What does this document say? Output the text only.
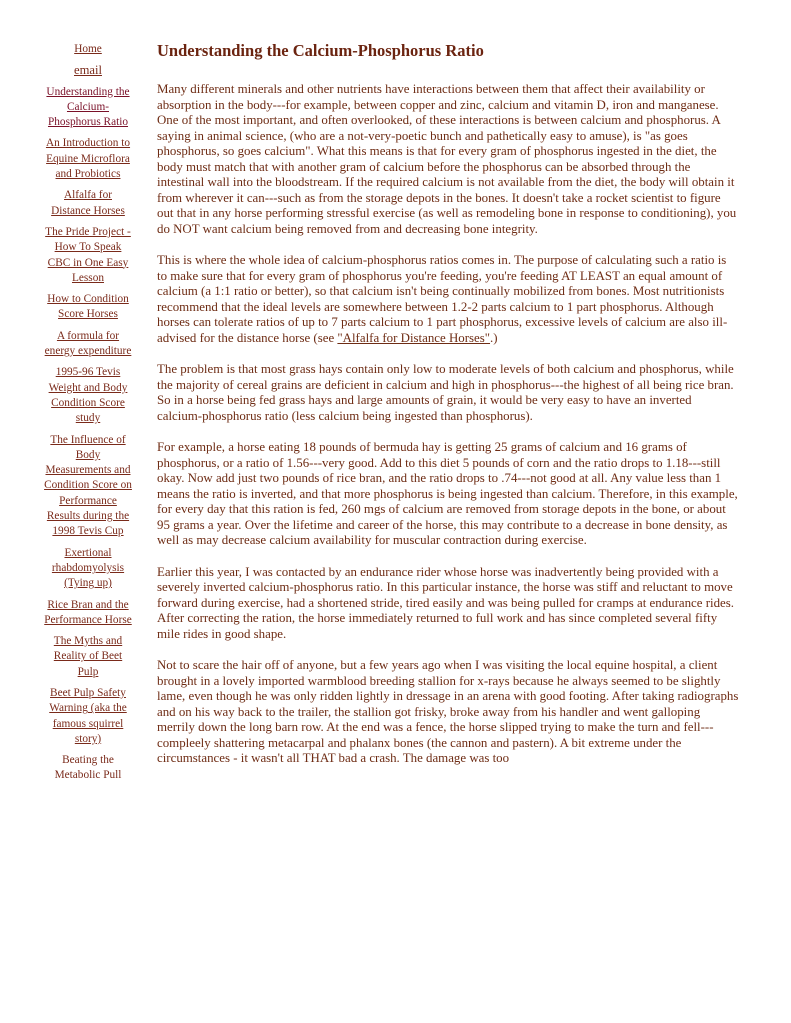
Home
email
Understanding the Calcium-Phosphorus Ratio
An Introduction to Equine Microflora and Probiotics
Alfalfa for Distance Horses
The Pride Project - How To Speak CBC in One Easy Lesson
How to Condition Score Horses
A formula for energy expenditure
1995-96 Tevis Weight and Body Condition Score study
The Influence of Body Measurements and Condition Score on Performance Results during the 1998 Tevis Cup
Exertional rhabdomyolysis (Tying up)
Rice Bran and the Performance Horse
The Myths and Reality of Beet Pulp
Beet Pulp Safety Warning (aka the famous squirrel story)
Beating the Metabolic Pull
Understanding the Calcium-Phosphorus Ratio

Many different minerals and other nutrients have interactions between them that affect their availability or absorption in the body---for example, between copper and zinc, calcium and vitamin D, iron and manganese. One of the most important, and often overlooked, of these interactions is between calcium and phosphorus. A saying in animal science, (who are a not-very-poetic bunch and pathetically easy to amuse), is "as goes phosphorus, so goes calcium". What this means is that for every gram of phosphorus ingested in the diet, the body must match that with another gram of calcium before the phosphorus can be absorbed through the intestinal wall into the bloodstream. If the required calcium is not available from the diet, the body will obtain it from wherever it can---such as from the storage depots in the bones. It doesn't take a rocket scientist to figure out that in any horse performing stressful exercise (as well as remodeling bone in response to conditioning), you do NOT want calcium being removed from and decreasing bone integrity.

This is where the whole idea of calcium-phosphorus ratios comes in. The purpose of calculating such a ratio is to make sure that for every gram of phosphorus you're feeding, you're feeding AT LEAST an equal amount of calcium (a 1:1 ratio or better), so that calcium isn't being continually mobilized from bones. Most nutritionists recommend that the ideal levels are somewhere between 1.2-2 parts calcium to 1 part phosphorus. Although horses can tolerate ratios of up to 7 parts calcium to 1 part phosphorus, excessive levels of calcium are also ill-advised for the distance horse (see "Alfalfa for Distance Horses".)

The problem is that most grass hays contain only low to moderate levels of both calcium and phosphorus, while the majority of cereal grains are deficient in calcium and high in phosphorus---the highest of all being rice bran. So in a horse being fed grass hays and large amounts of grain, it would be very easy to have an inverted calcium-phosphorus ratio (less calcium being ingested than phosphorus).

For example, a horse eating 18 pounds of bermuda hay is getting 25 grams of calcium and 16 grams of phosphorus, or a ratio of 1.56---very good. Add to this diet 5 pounds of corn and the ratio drops to 1.18---still okay. Now add just two pounds of rice bran, and the ratio drops to .74---not good at all. Any value less than 1 means the ratio is inverted, and that more phosphorus is being ingested than calcium. Therefore, in this example, for every day that this ration is fed, 260 mgs of calcium are removed from storage depots in the bone, or about 95 grams a year. Over the lifetime and career of the horse, this may contribute to a decrease in bone density, as well as may decrease calcium availability for muscular contraction during exercise.

Earlier this year, I was contacted by an endurance rider whose horse was inadvertently being provided with a severely inverted calcium-phosphorus ratio. In this particular instance, the horse was stiff and reluctant to move forward during exercise, had a shortened stride, tired easily and was being pulled for cramps at endurance rides. After correcting the ration, the horse immediately returned to full work and has since completed several fifty mile rides in good shape.

Not to scare the hair off of anyone, but a few years ago when I was visiting the local equine hospital, a client brought in a lovely imported warmblood breeding stallion for x-rays because he always seemed to be slightly lame, even though he was only ridden lightly in dressage in an arena with good footing. After taking radiographs and on his way back to the trailer, the stallion got frisky, broke away from his handler and went galloping merrily down the long barn row. At the end was a fence, the horse slipped trying to make the turn and fell---compleely shattering metacarpal and phalanx bones (the cannon and pastern). A bit extreme under the circumstances - it wasn't all THAT bad a crash. The damage was too
